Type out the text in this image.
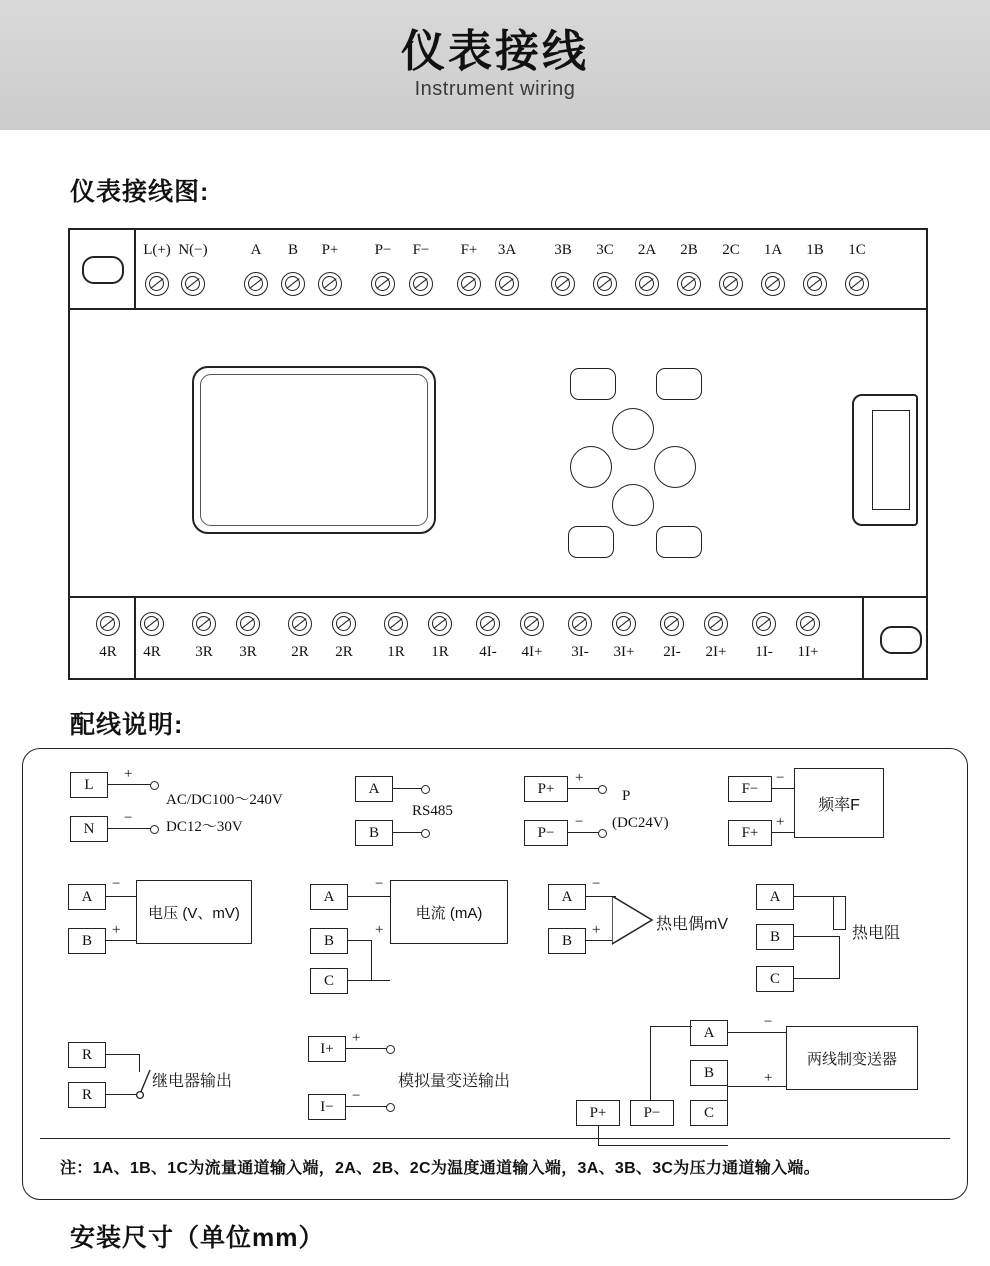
仪表接线
Instrument wiring
仪表接线图:
配线说明:
安装尺寸（单位mm）
L(+) N(−)	A	B	P+	P−	F−	F+	3A	3B	3C	2A	2B	2C	1A	1B	1C
4R	4R	3R	3R	2R	2R	1R	1R	4I-	4I+	3I-	3I+	2I-	2I+	1I-	1I+
L
N
+
−
AC/DC100～240V
DC12～30V
A
B
RS485
P+
P−
+
−
P
(DC24V)
F−
F+
−
+
频率F
A
B
−
+
电压 (V、mV)
A
B
C
−
+
电流 (mA)
A
B
−
+	热电偶mV
A
B
C
热电阻
R
R
继电器输出
I+
I−
+
−
模拟量变送输出
A
B
C
P+	P−
两线制变送器
−
+
注：1A、1B、1C为流量通道输入端，2A、2B、2C为温度通道输入端，3A、3B、3C为压力通道输入端。
